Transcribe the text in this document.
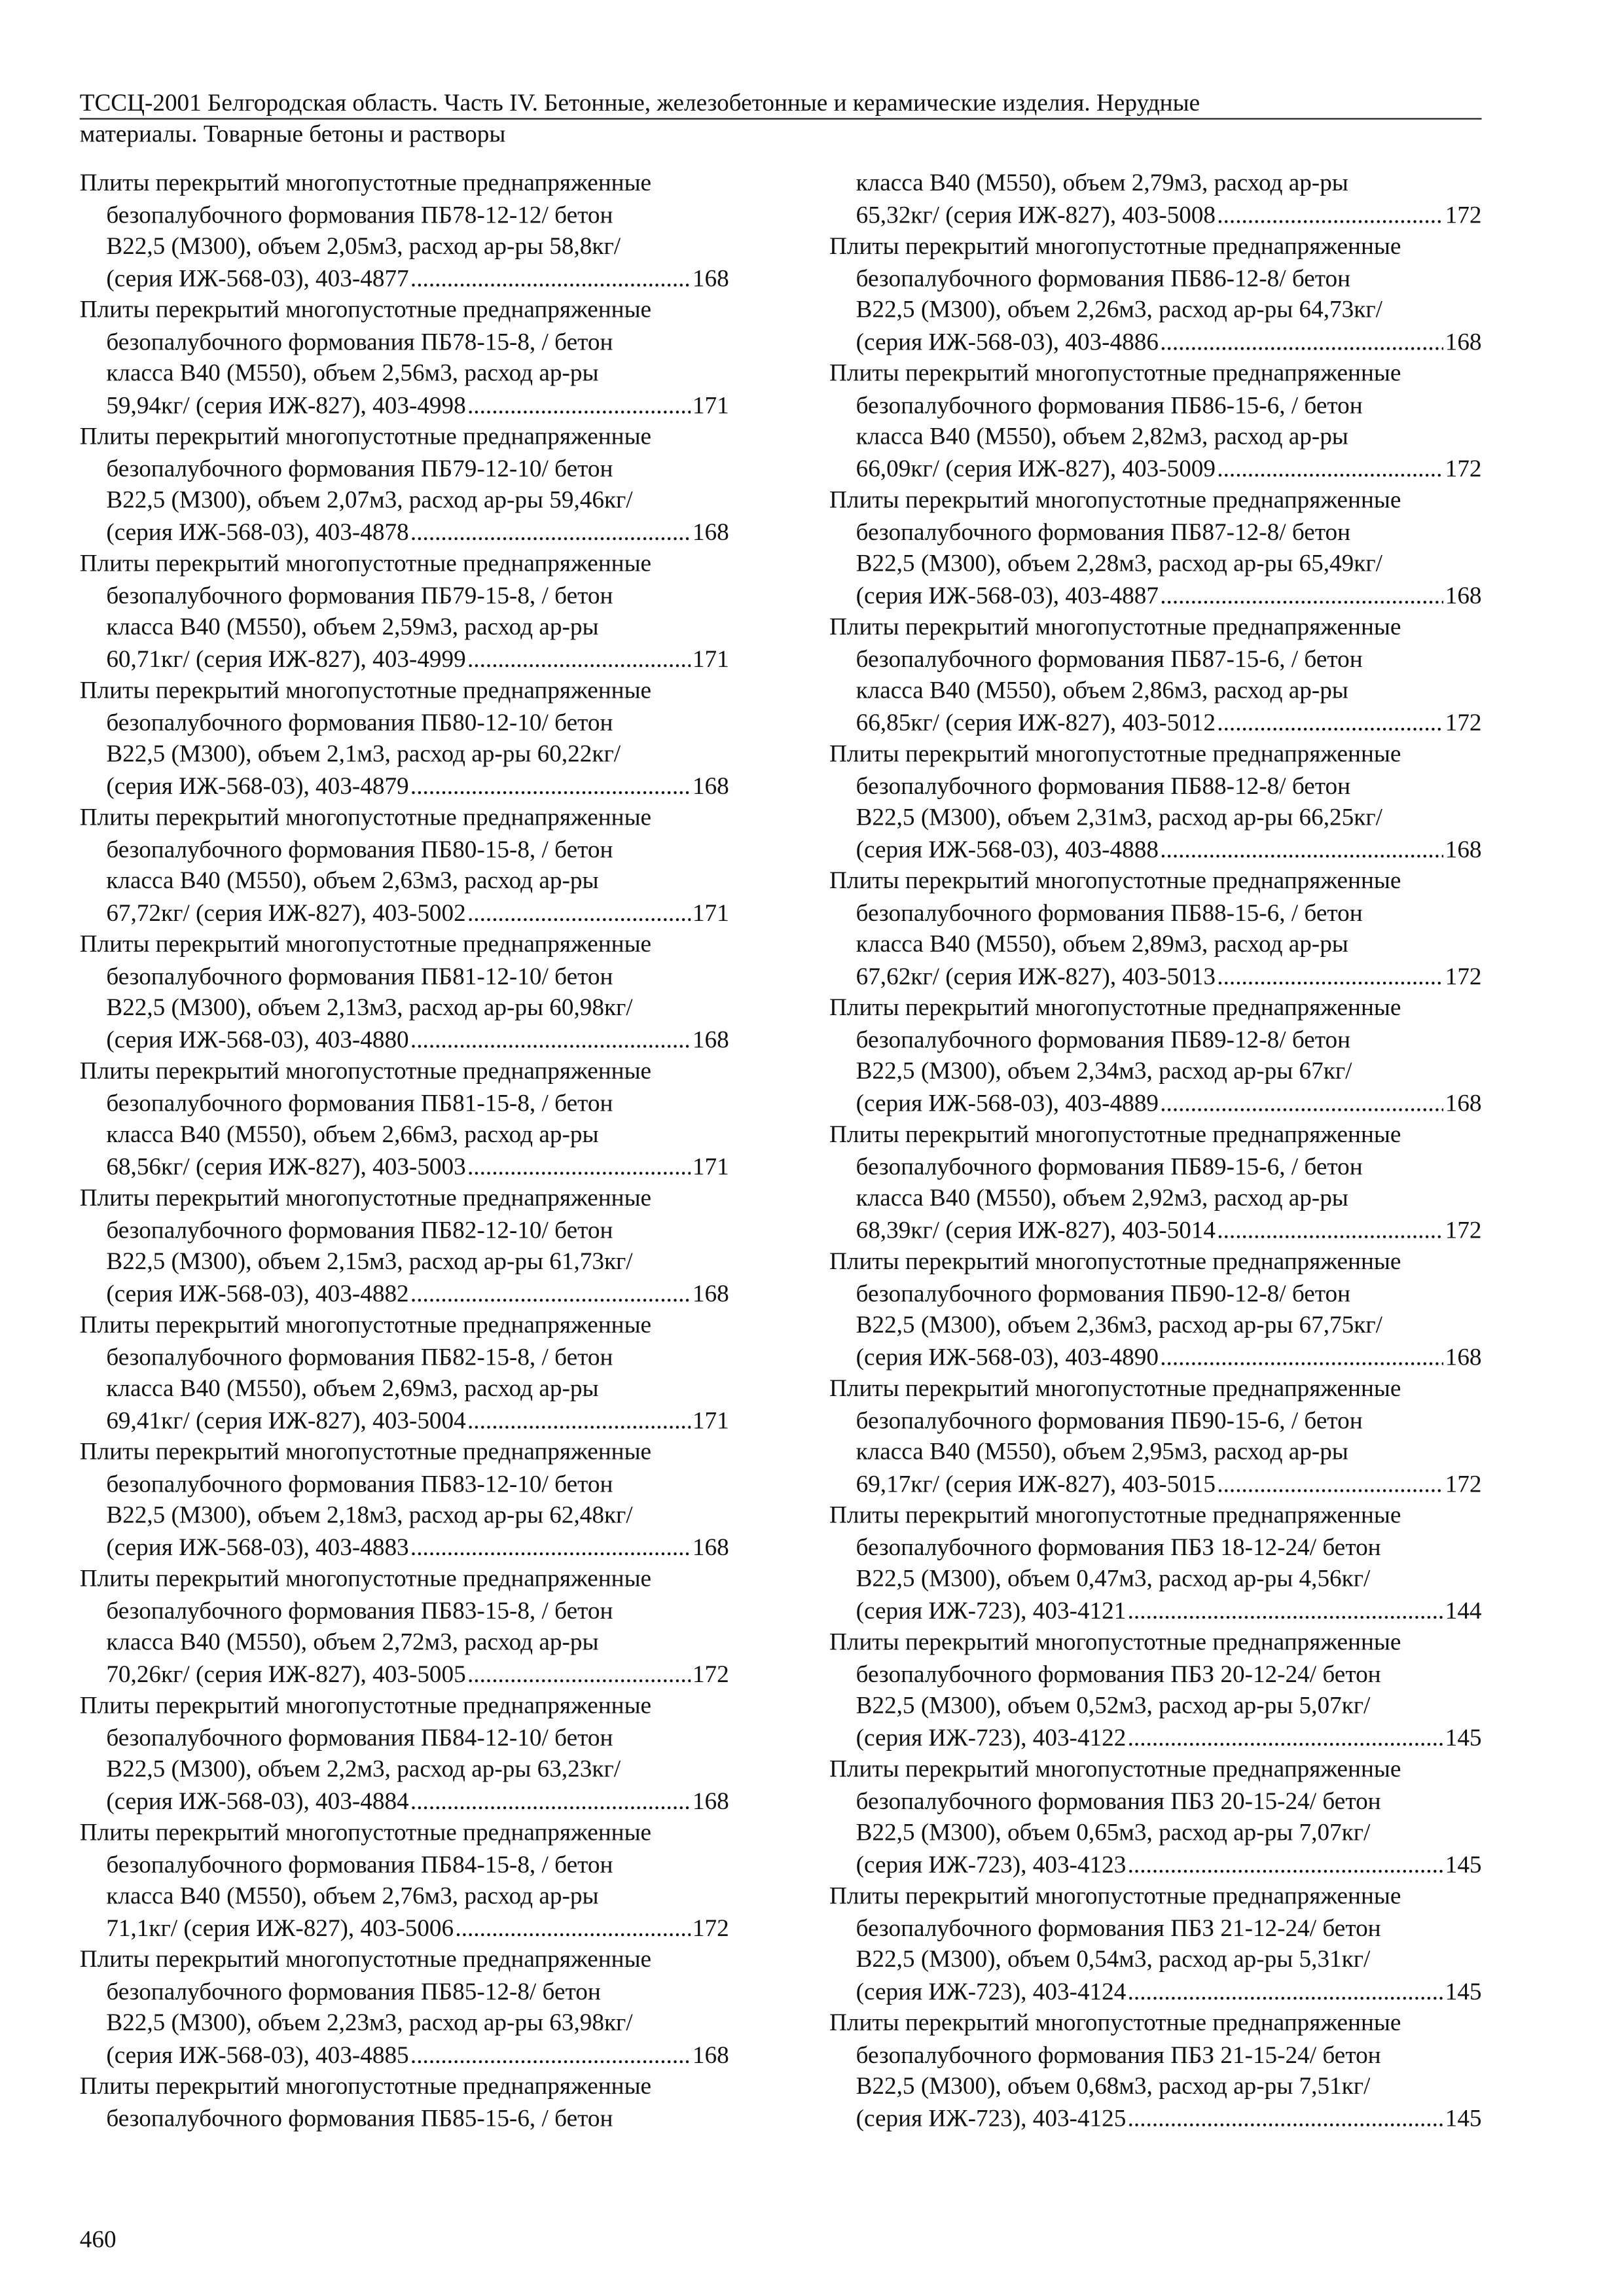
ТССЦ-2001 Белгородская область. Часть IV. Бетонные, железобетонные и керамические изделия. Нерудные
материалы. Товарные бетоны и растворы
Плиты перекрытий многопустотные преднапряженные
безопалубочного формования ПБ78-12-12/ бетон
В22,5 (М300), объем 2,05м3, расход ар-ры 58,8кг/
(серия ИЖ-568-03), 403-4877 .....	168
Плиты перекрытий многопустотные преднапряженные
безопалубочного формования ПБ78-15-8, / бетон
класса В40 (М550), объем 2,56м3, расход ар-ры
59,94кг/ (серия ИЖ-827), 403-4998 .....	171
Плиты перекрытий многопустотные преднапряженные
безопалубочного формования ПБ79-12-10/ бетон
В22,5 (М300), объем 2,07м3, расход ар-ры 59,46кг/
(серия ИЖ-568-03), 403-4878 .....	168
Плиты перекрытий многопустотные преднапряженные
безопалубочного формования ПБ79-15-8, / бетон
класса В40 (М550), объем 2,59м3, расход ар-ры
60,71кг/ (серия ИЖ-827), 403-4999 .....	171
Плиты перекрытий многопустотные преднапряженные
безопалубочного формования ПБ80-12-10/ бетон
В22,5 (М300), объем 2,1м3, расход ар-ры 60,22кг/
(серия ИЖ-568-03), 403-4879 .....	168
Плиты перекрытий многопустотные преднапряженные
безопалубочного формования ПБ80-15-8, / бетон
класса В40 (М550), объем 2,63м3, расход ар-ры
67,72кг/ (серия ИЖ-827), 403-5002 .....	171
Плиты перекрытий многопустотные преднапряженные
безопалубочного формования ПБ81-12-10/ бетон
В22,5 (М300), объем 2,13м3, расход ар-ры 60,98кг/
(серия ИЖ-568-03), 403-4880 .....	168
Плиты перекрытий многопустотные преднапряженные
безопалубочного формования ПБ81-15-8, / бетон
класса В40 (М550), объем 2,66м3, расход ар-ры
68,56кг/ (серия ИЖ-827), 403-5003 .....	171
Плиты перекрытий многопустотные преднапряженные
безопалубочного формования ПБ82-12-10/ бетон
В22,5 (М300), объем 2,15м3, расход ар-ры 61,73кг/
(серия ИЖ-568-03), 403-4882 .....	168
Плиты перекрытий многопустотные преднапряженные
безопалубочного формования ПБ82-15-8, / бетон
класса В40 (М550), объем 2,69м3, расход ар-ры
69,41кг/ (серия ИЖ-827), 403-5004 .....	171
Плиты перекрытий многопустотные преднапряженные
безопалубочного формования ПБ83-12-10/ бетон
В22,5 (М300), объем 2,18м3, расход ар-ры 62,48кг/
(серия ИЖ-568-03), 403-4883 .....	168
Плиты перекрытий многопустотные преднапряженные
безопалубочного формования ПБ83-15-8, / бетон
класса В40 (М550), объем 2,72м3, расход ар-ры
70,26кг/ (серия ИЖ-827), 403-5005 .....	172
Плиты перекрытий многопустотные преднапряженные
безопалубочного формования ПБ84-12-10/ бетон
В22,5 (М300), объем 2,2м3, расход ар-ры 63,23кг/
(серия ИЖ-568-03), 403-4884 .....	168
Плиты перекрытий многопустотные преднапряженные
безопалубочного формования ПБ84-15-8, / бетон
класса В40 (М550), объем 2,76м3, расход ар-ры
71,1кг/ (серия ИЖ-827), 403-5006 .....	172
Плиты перекрытий многопустотные преднапряженные
безопалубочного формования ПБ85-12-8/ бетон
В22,5 (М300), объем 2,23м3, расход ар-ры 63,98кг/
(серия ИЖ-568-03), 403-4885 .....	168
Плиты перекрытий многопустотные преднапряженные
безопалубочного формования ПБ85-15-6, / бетон
класса В40 (М550), объем 2,79м3, расход ар-ры
65,32кг/ (серия ИЖ-827), 403-5008 .....	172
Плиты перекрытий многопустотные преднапряженные
безопалубочного формования ПБ86-12-8/ бетон
В22,5 (М300), объем 2,26м3, расход ар-ры 64,73кг/
(серия ИЖ-568-03), 403-4886 .....	168
Плиты перекрытий многопустотные преднапряженные
безопалубочного формования ПБ86-15-6, / бетон
класса В40 (М550), объем 2,82м3, расход ар-ры
66,09кг/ (серия ИЖ-827), 403-5009 .....	172
Плиты перекрытий многопустотные преднапряженные
безопалубочного формования ПБ87-12-8/ бетон
В22,5 (М300), объем 2,28м3, расход ар-ры 65,49кг/
(серия ИЖ-568-03), 403-4887 .....	168
Плиты перекрытий многопустотные преднапряженные
безопалубочного формования ПБ87-15-6, / бетон
класса В40 (М550), объем 2,86м3, расход ар-ры
66,85кг/ (серия ИЖ-827), 403-5012 .....	172
Плиты перекрытий многопустотные преднапряженные
безопалубочного формования ПБ88-12-8/ бетон
В22,5 (М300), объем 2,31м3, расход ар-ры 66,25кг/
(серия ИЖ-568-03), 403-4888 .....	168
Плиты перекрытий многопустотные преднапряженные
безопалубочного формования ПБ88-15-6, / бетон
класса В40 (М550), объем 2,89м3, расход ар-ры
67,62кг/ (серия ИЖ-827), 403-5013 .....	172
Плиты перекрытий многопустотные преднапряженные
безопалубочного формования ПБ89-12-8/ бетон
В22,5 (М300), объем 2,34м3, расход ар-ры 67кг/
(серия ИЖ-568-03), 403-4889 .....	168
Плиты перекрытий многопустотные преднапряженные
безопалубочного формования ПБ89-15-6, / бетон
класса В40 (М550), объем 2,92м3, расход ар-ры
68,39кг/ (серия ИЖ-827), 403-5014 .....	172
Плиты перекрытий многопустотные преднапряженные
безопалубочного формования ПБ90-12-8/ бетон
В22,5 (М300), объем 2,36м3, расход ар-ры 67,75кг/
(серия ИЖ-568-03), 403-4890 .....	168
Плиты перекрытий многопустотные преднапряженные
безопалубочного формования ПБ90-15-6, / бетон
класса В40 (М550), объем 2,95м3, расход ар-ры
69,17кг/ (серия ИЖ-827), 403-5015 .....	172
Плиты перекрытий многопустотные преднапряженные
безопалубочного формования ПБЗ 18-12-24/ бетон
В22,5 (М300), объем 0,47м3, расход ар-ры 4,56кг/
(серия ИЖ-723), 403-4121 .....	144
Плиты перекрытий многопустотные преднапряженные
безопалубочного формования ПБЗ 20-12-24/ бетон
В22,5 (М300), объем 0,52м3, расход ар-ры 5,07кг/
(серия ИЖ-723), 403-4122 .....	145
Плиты перекрытий многопустотные преднапряженные
безопалубочного формования ПБЗ 20-15-24/ бетон
В22,5 (М300), объем 0,65м3, расход ар-ры 7,07кг/
(серия ИЖ-723), 403-4123 .....	145
Плиты перекрытий многопустотные преднапряженные
безопалубочного формования ПБЗ 21-12-24/ бетон
В22,5 (М300), объем 0,54м3, расход ар-ры 5,31кг/
(серия ИЖ-723), 403-4124 .....	145
Плиты перекрытий многопустотные преднапряженные
безопалубочного формования ПБЗ 21-15-24/ бетон
В22,5 (М300), объем 0,68м3, расход ар-ры 7,51кг/
(серия ИЖ-723), 403-4125 .....	145
460
